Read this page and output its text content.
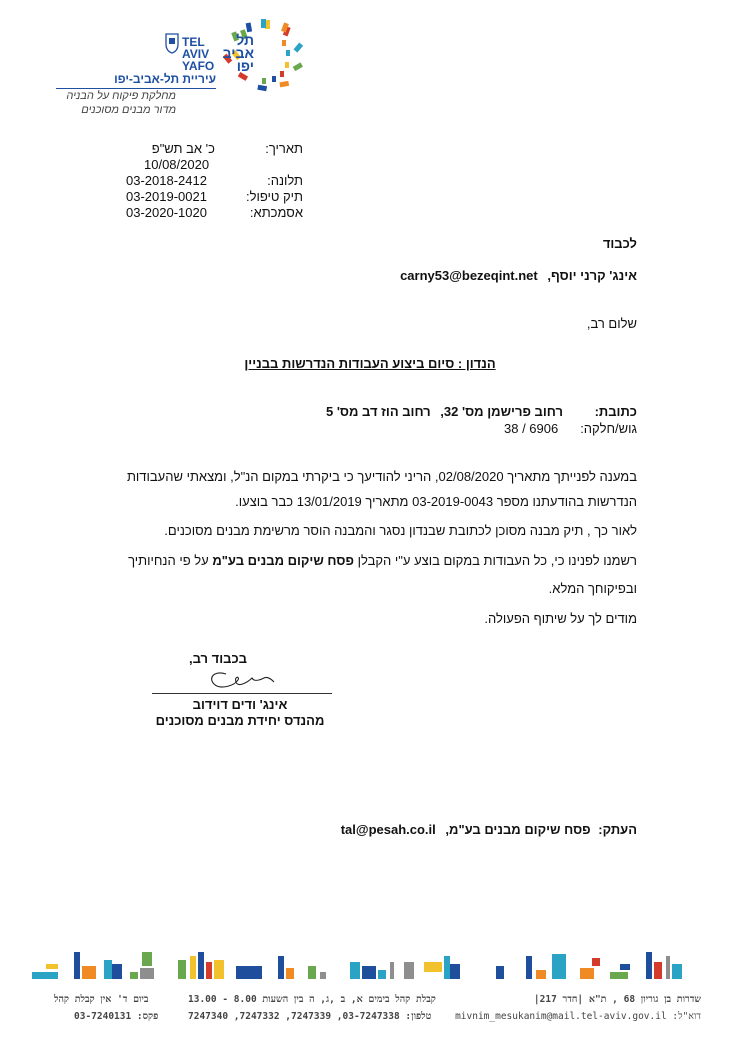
TEL
AVIV
YAFO
תל
אביב
יפו
עיריית תל-אביב-יפו
מחלקת פיקוח על הבניה
מדור מבנים מסוכנים
תאריך:
כ' אב תש"פ
10/08/2020
תלונה:
03-2018-2412
תיק טיפול:
03-2019-0021
אסמכתא:
03-2020-1020
לכבוד
אינג' קרני יוסף, carny53@bezeqint.net
שלום רב,
הנדון : סיום ביצוע העבודות הנדרשות בבניין
כתובת:
רחוב פרישמן מס' 32, רחוב הוז דב מס' 5
גוש/חלקה:
38 / 6906
במענה לפנייתך מתאריך 02/08/2020, הריני להודיעך כי ביקרתי במקום הנ"ל, ומצאתי שהעבודות
הנדרשות בהודעתנו מספר 03-2019-0043 מתאריך 13/01/2019 כבר בוצעו.
לאור כך , תיק מבנה מסוכן לכתובת שבנדון נסגר והמבנה הוסר מרשימת מבנים מסוכנים.
רשמנו לפנינו כי, כל העבודות במקום בוצע ע"י הקבלן פסח שיקום מבנים בע"מ על פי הנחיותיך
ובפיקוחך המלא.
מודים לך על שיתוף הפעולה.
בכבוד רב,
אינג' ודים דוידוב
מהנדס יחידת מבנים מסוכנים
העתק: פסח שיקום מבנים בע"מ, tal@pesah.co.il
שדרות בן גוריון 68 , ת"א |חדר 217|
דוא"ל: mivnim_mesukanim@mail.tel-aviv.gov.il
קבלת קהל בימים א, ב ,ג, ה בין השעות 8.00 - 13.00
טלפון: 03-7247338, 7247339, 7247332, 7247340
ביום ד' אין קבלת קהל
פקס: 03-7240131
